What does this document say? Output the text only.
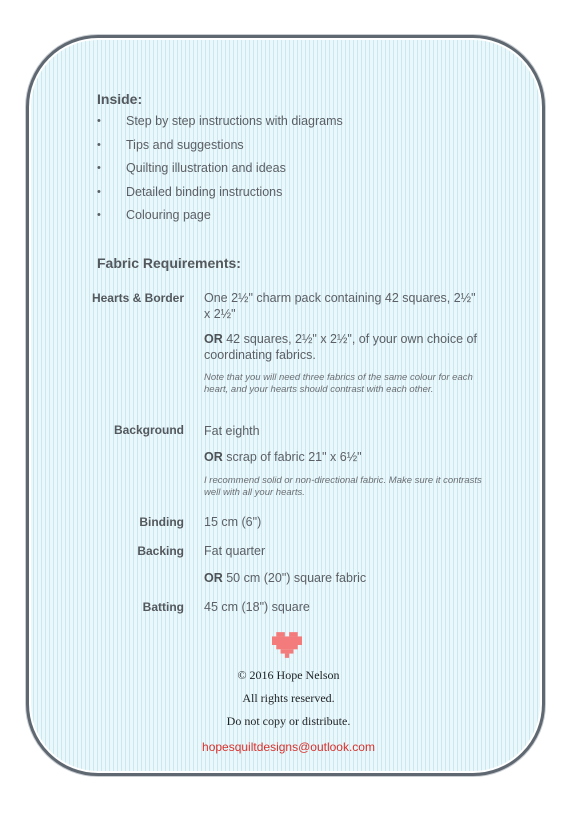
Inside:
• Step by step instructions with diagrams
• Tips and suggestions
• Quilting illustration and ideas
• Detailed binding instructions
• Colouring page
Fabric Requirements:
Hearts & Border One 2½" charm pack containing 42 squares, 2½" x 2½"
OR 42 squares, 2½" x 2½", of your own choice of coordinating fabrics.
Note that you will need three fabrics of the same colour for each heart, and your hearts should contrast with each other.
Background Fat eighth
OR scrap of fabric 21" x 6½"
I recommend solid or non-directional fabric. Make sure it contrasts well with all your hearts.
Binding 15 cm (6")
Backing Fat quarter
OR 50 cm (20") square fabric
Batting 45 cm (18") square
© 2016 Hope Nelson
All rights reserved.
Do not copy or distribute.
hopesquiltdesigns@outlook.com
